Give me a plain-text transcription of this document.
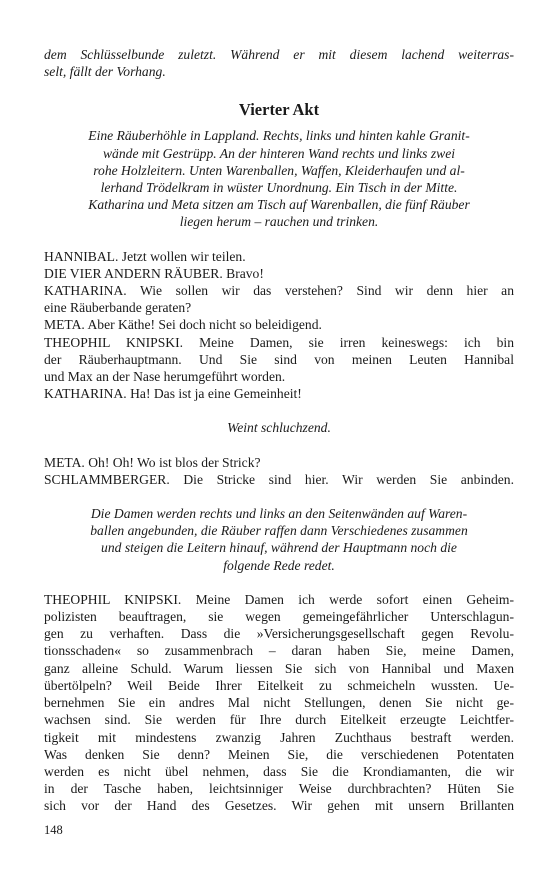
dem Schlüsselbunde zuletzt. Während er mit diesem lachend weiterras-

selt, fällt der Vorhang.

Vierter Akt

Eine Räuberhöhle in Lappland. Rechts, links und hinten kahle Granit-

wände mit Gestrüpp. An der hinteren Wand rechts und links zwei

rohe Holzleitern. Unten Warenballen, Waffen, Kleiderhaufen und al-

lerhand Trödelkram in wüster Unordnung. Ein Tisch in der Mitte.

Katharina und Meta sitzen am Tisch auf Warenballen, die fünf Räuber

liegen herum – rauchen und trinken.

HANNIBAL. Jetzt wollen wir teilen.

DIE VIER ANDERN RÄUBER. Bravo!

KATHARINA. Wie sollen wir das verstehen? Sind wir denn hier an

eine Räuberbande geraten?

META. Aber Käthe! Sei doch nicht so beleidigend.

THEOPHIL KNIPSKI. Meine Damen, sie irren keineswegs: ich bin

der Räuberhauptmann. Und Sie sind von meinen Leuten Hannibal

und Max an der Nase herumgeführt worden.

KATHARINA. Ha! Das ist ja eine Gemeinheit!

Weint schluchzend.

META. Oh! Oh! Wo ist blos der Strick?

SCHLAMMBERGER. Die Stricke sind hier. Wir werden Sie anbinden.

Die Damen werden rechts und links an den Seitenwänden auf Waren-

ballen angebunden, die Räuber raffen dann Verschiedenes zusammen

und steigen die Leitern hinauf, während der Hauptmann noch die

folgende Rede redet.

THEOPHIL KNIPSKI. Meine Damen ich werde sofort einen Geheim-

polizisten beauftragen, sie wegen gemeingefährlicher Unterschlagun-

gen zu verhaften. Dass die »Versicherungsgesellschaft gegen Revolu-

tionsschaden« so zusammenbrach – daran haben Sie, meine Damen,

ganz alleine Schuld. Warum liessen Sie sich von Hannibal und Maxen

übertölpeln? Weil Beide Ihrer Eitelkeit zu schmeicheln wussten. Ue-

bernehmen Sie ein andres Mal nicht Stellungen, denen Sie nicht ge-

wachsen sind. Sie werden für Ihre durch Eitelkeit erzeugte Leichtfer-

tigkeit mit mindestens zwanzig Jahren Zuchthaus bestraft werden.

Was denken Sie denn? Meinen Sie, die verschiedenen Potentaten

werden es nicht übel nehmen, dass Sie die Krondiamanten, die wir

in der Tasche haben, leichtsinniger Weise durchbrachten? Hüten Sie

sich vor der Hand des Gesetzes. Wir gehen mit unsern Brillanten

148
